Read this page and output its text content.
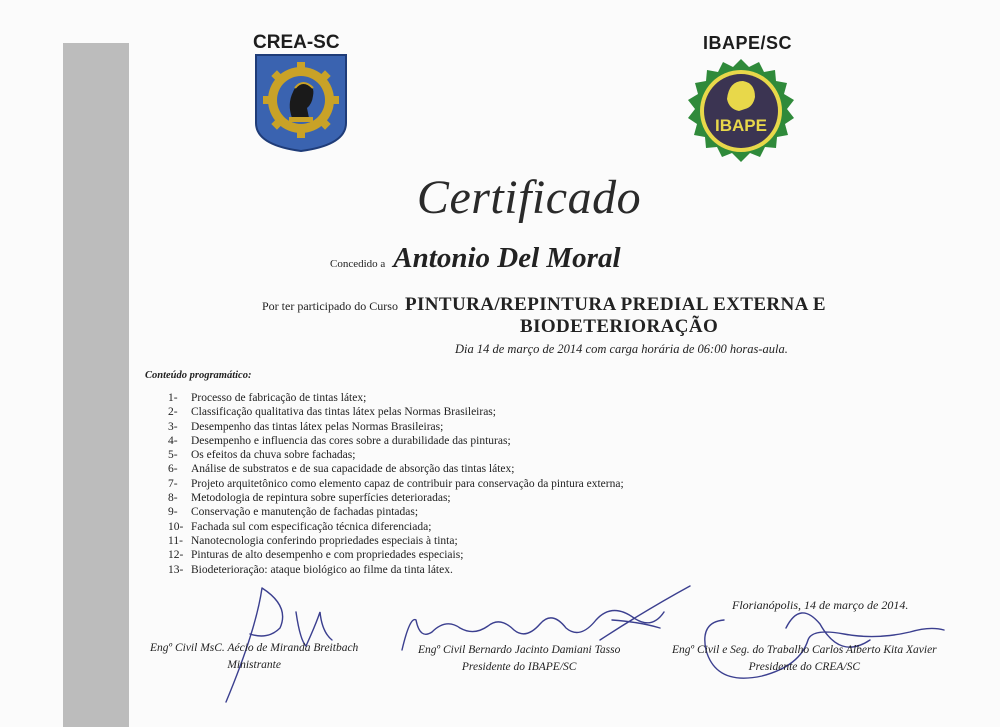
CREA-SC	IBAPE/SC
IBAPE
Certificado
Concedido a Antonio Del Moral
Por ter participado do Curso PINTURA/REPINTURA PREDIAL EXTERNA E
BIODETERIORAÇÃO
Dia 14 de março de 2014 com carga horária de 06:00 horas-aula.
Conteúdo programático:
1- Processo de fabricação de tintas látex;
2- Classificação qualitativa das tintas látex pelas Normas Brasileiras;
3- Desempenho das tintas látex pelas Normas Brasileiras;
4- Desempenho e influencia das cores sobre a durabilidade das pinturas;
5- Os efeitos da chuva sobre fachadas;
6- Análise de substratos e de sua capacidade de absorção das tintas látex;
7- Projeto arquitetônico como elemento capaz de contribuir para conservação da pintura externa;
8- Metodologia de repintura sobre superfícies deterioradas;
9- Conservação e manutenção de fachadas pintadas;
10- Fachada sul com especificação técnica diferenciada;
11- Nanotecnologia conferindo propriedades especiais à tinta;
12- Pinturas de alto desempenho e com propriedades especiais;
13- Biodeterioração: ataque biológico ao filme da tinta látex.
Florianópolis, 14 de março de 2014.
Engº Civil MsC. Aécio de Miranda Breitbach
Ministrante
Engº Civil Bernardo Jacinto Damiani Tasso
Presidente do IBAPE/SC
Engº Civil e Seg. do Trabalho Carlos Alberto Kita Xavier
Presidente do CREA/SC
